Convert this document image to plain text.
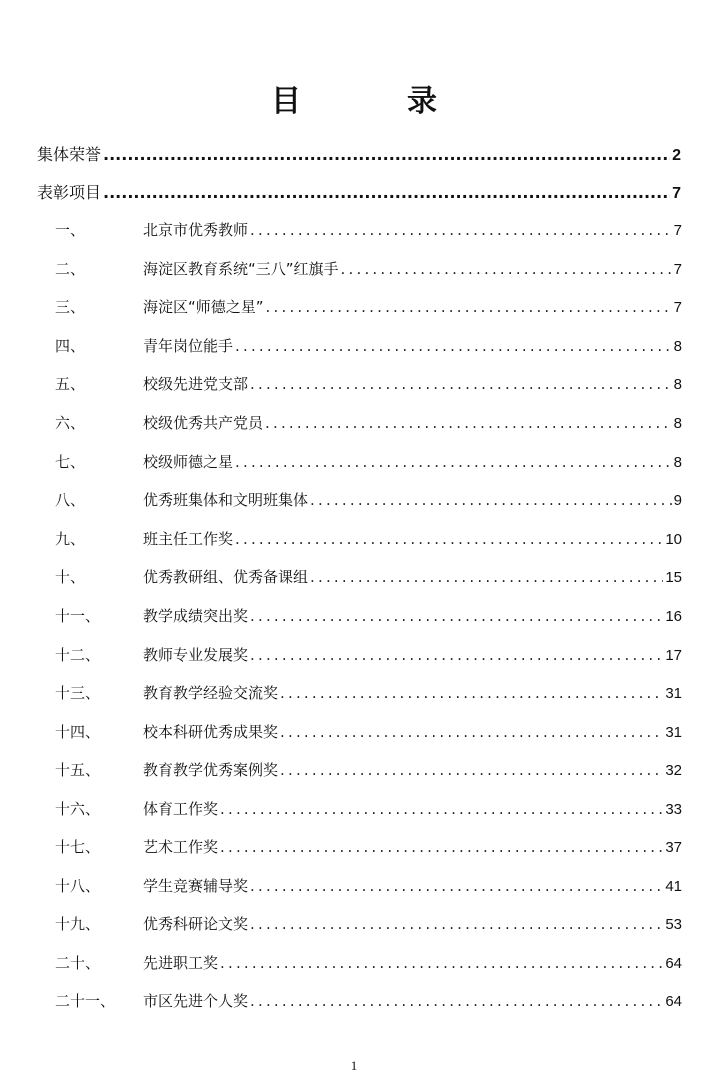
目　录
集体荣誉 .....	2
表彰项目 .....	7
一、	北京市优秀教师 .....	7
二、	海淀区教育系统“三八”红旗手 .....	7
三、	海淀区“师德之星” .....	7
四、	青年岗位能手 .....	8
五、	校级先进党支部 .....	8
六、	校级优秀共产党员 .....	8
七、	校级师德之星 .....	8
八、	优秀班集体和文明班集体 .....	9
九、	班主任工作奖 .....	10
十、	优秀教研组、优秀备课组 .....	15
十一、	教学成绩突出奖 .....	16
十二、	教师专业发展奖 .....	17
十三、	教育教学经验交流奖 .....	31
十四、	校本科研优秀成果奖 .....	31
十五、	教育教学优秀案例奖 .....	32
十六、	体育工作奖 .....	33
十七、	艺术工作奖 .....	37
十八、	学生竞赛辅导奖 .....	41
十九、	优秀科研论文奖 .....	53
二十、	先进职工奖 .....	64
二十一、	市区先进个人奖 .....	64
1
